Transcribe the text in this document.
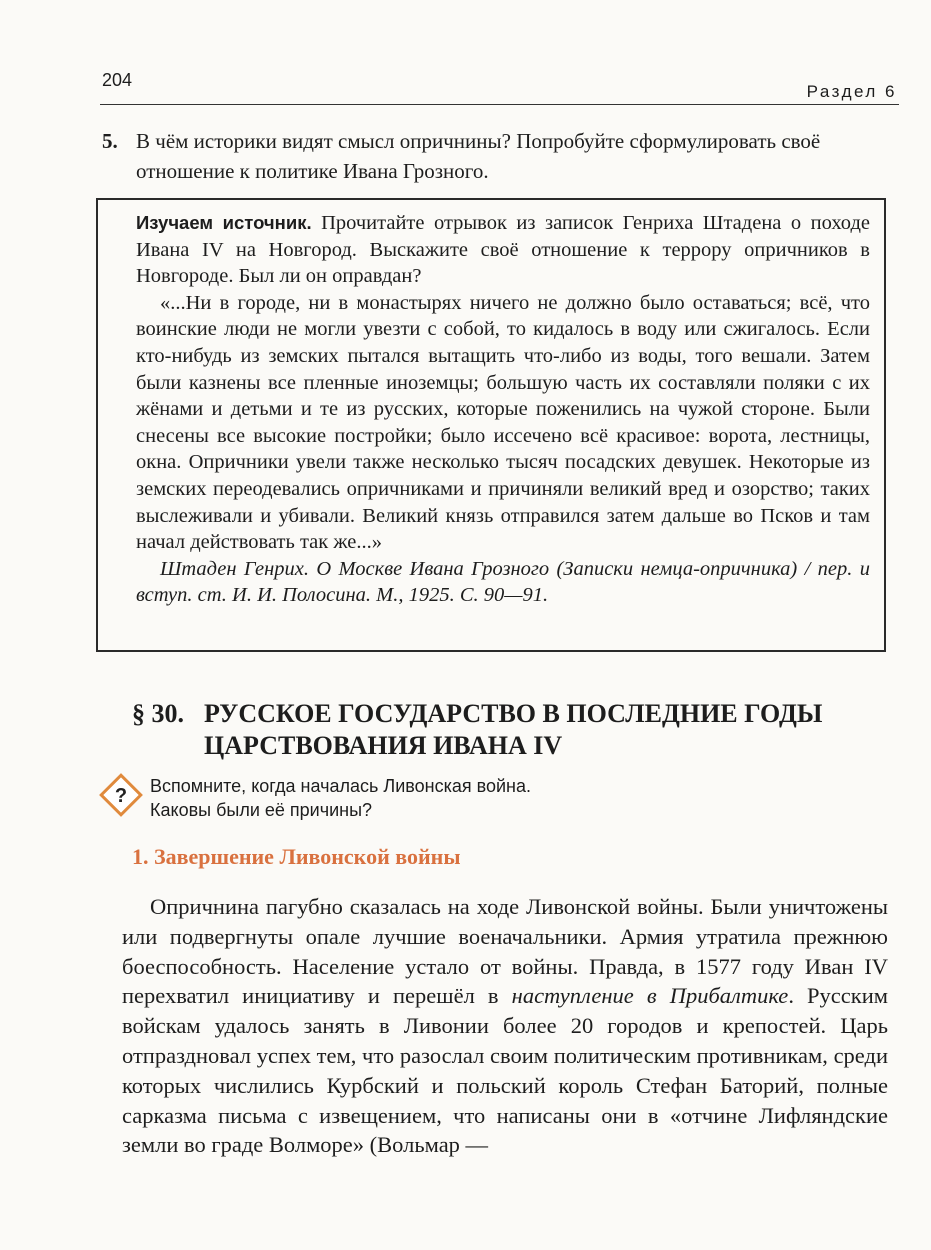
204
Раздел 6
5. В чём историки видят смысл опричнины? Попробуйте сформулировать своё отношение к политике Ивана Грозного.
Изучаем источник. Прочитайте отрывок из записок Генриха Штадена о походе Ивана IV на Новгород. Выскажите своё отношение к террору опричников в Новгороде. Был ли он оправдан?
«...Ни в городе, ни в монастырях ничего не должно было оставаться; всё, что воинские люди не могли увезти с собой, то кидалось в воду или сжигалось. Если кто-нибудь из земских пытался вытащить что-либо из воды, того вешали. Затем были казнены все пленные иноземцы; большую часть их составляли поляки с их жёнами и детьми и те из русских, которые поженились на чужой стороне. Были снесены все высокие постройки; было иссечено всё красивое: ворота, лестницы, окна. Опричники увели также несколько тысяч посадских девушек. Некоторые из земских переодевались опричниками и причиняли великий вред и озорство; таких выслеживали и убивали. Великий князь отправился затем дальше во Псков и там начал действовать так же...»
Штаден Генрих. О Москве Ивана Грозного (Записки немца-опричника) / пер. и вступ. ст. И. И. Полосина. М., 1925. С. 90—91.
§ 30. РУССКОЕ ГОСУДАРСТВО В ПОСЛЕДНИЕ ГОДЫ ЦАРСТВОВАНИЯ ИВАНА IV
? Вспомните, когда началась Ливонская война.
Каковы были её причины?
1. Завершение Ливонской войны
Опричнина пагубно сказалась на ходе Ливонской войны. Были уничтожены или подвергнуты опале лучшие военачальники. Армия утратила прежнюю боеспособность. Население устало от войны. Правда, в 1577 году Иван IV перехватил инициативу и перешёл в наступление в Прибалтике. Русским войскам удалось занять в Ливонии более 20 городов и крепостей. Царь отпраздновал успех тем, что разослал своим политическим противникам, среди которых числились Курбский и польский король Стефан Баторий, полные сарказма письма с извещением, что написаны они в «отчине Лифляндские земли во граде Волморе» (Вольмар —
